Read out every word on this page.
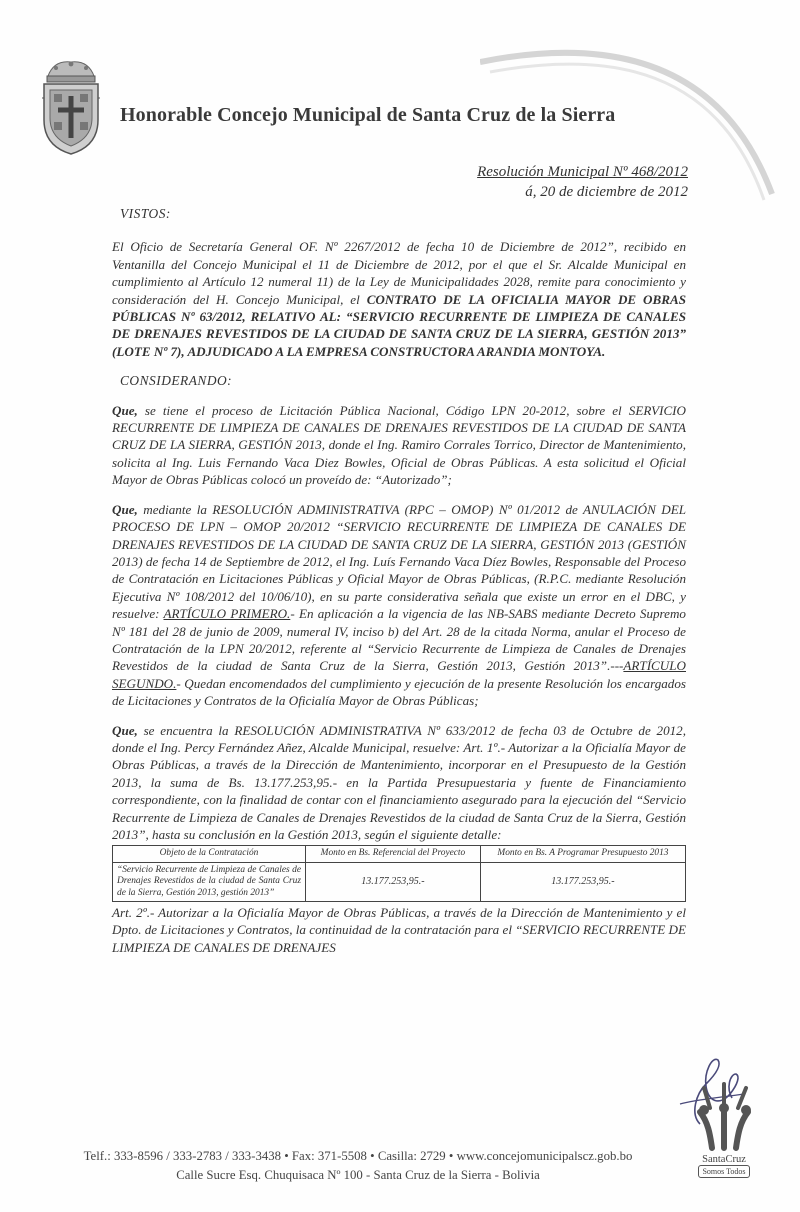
Honorable Concejo Municipal de Santa Cruz de la Sierra
Resolución Municipal Nº 468/2012
á, 20 de diciembre de 2012
VISTOS:

El Oficio de Secretaría General OF. Nº 2267/2012 de fecha 10 de Diciembre de 2012”, recibido en Ventanilla del Concejo Municipal el 11 de Diciembre de 2012, por el que el Sr. Alcalde Municipal en cumplimiento al Artículo 12 numeral 11) de la Ley de Municipalidades 2028, remite para conocimiento y consideración del H. Concejo Municipal, el CONTRATO DE LA OFICIALIA MAYOR DE OBRAS PÚBLICAS Nº 63/2012, RELATIVO AL: “SERVICIO RECURRENTE DE LIMPIEZA DE CANALES DE DRENAJES REVESTIDOS DE LA CIUDAD DE SANTA CRUZ DE LA SIERRA, GESTIÓN 2013” (LOTE Nº 7), ADJUDICADO A LA EMPRESA CONSTRUCTORA ARANDIA MONTOYA.

CONSIDERANDO:

Que, se tiene el proceso de Licitación Pública Nacional, Código LPN 20-2012, sobre el SERVICIO RECURRENTE DE LIMPIEZA DE CANALES DE DRENAJES REVESTIDOS DE LA CIUDAD DE SANTA CRUZ DE LA SIERRA, GESTIÓN 2013, donde el Ing. Ramiro Corrales Torrico, Director de Mantenimiento, solicita al Ing. Luis Fernando Vaca Diez Bowles, Oficial de Obras Públicas. A esta solicitud el Oficial Mayor de Obras Públicas colocó un proveído de: “Autorizado”;

Que, mediante la RESOLUCIÓN ADMINISTRATIVA (RPC – OMOP) Nº 01/2012 de ANULACIÓN DEL PROCESO DE LPN – OMOP 20/2012 “SERVICIO RECURRENTE DE LIMPIEZA DE CANALES DE DRENAJES REVESTIDOS DE LA CIUDAD DE SANTA CRUZ DE LA SIERRA, GESTIÓN 2013 (GESTIÓN 2013) de fecha 14 de Septiembre de 2012, el Ing. Luís Fernando Vaca Díez Bowles, Responsable del Proceso de Contratación en Licitaciones Públicas y Oficial Mayor de Obras Públicas, (R.P.C. mediante Resolución Ejecutiva Nº 108/2012 del 10/06/10), en su parte considerativa señala que existe un error en el DBC, y resuelve: ARTÍCULO PRIMERO.- En aplicación a la vigencia de las NB-SABS mediante Decreto Supremo Nº 181 del 28 de junio de 2009, numeral IV, inciso b) del Art. 28 de la citada Norma, anular el Proceso de Contratación de la LPN 20/2012, referente al “Servicio Recurrente de Limpieza de Canales de Drenajes Revestidos de la ciudad de Santa Cruz de la Sierra, Gestión 2013, Gestión 2013”.---ARTÍCULO SEGUNDO.- Quedan encomendados del cumplimiento y ejecución de la presente Resolución los encargados de Licitaciones y Contratos de la Oficialía Mayor de Obras Públicas;

Que, se encuentra la RESOLUCIÓN ADMINISTRATIVA Nº 633/2012 de fecha 03 de Octubre de 2012, donde el Ing. Percy Fernández Añez, Alcalde Municipal, resuelve: Art. 1º.- Autorizar a la Oficialía Mayor de Obras Públicas, a través de la Dirección de Mantenimiento, incorporar en el Presupuesto de la Gestión 2013, la suma de Bs. 13.177.253,95.- en la Partida Presupuestaria y fuente de Financiamiento correspondiente, con la finalidad de contar con el financiamiento asegurado para la ejecución del “Servicio Recurrente de Limpieza de Canales de Drenajes Revestidos de la ciudad de Santa Cruz de la Sierra, Gestión 2013”, hasta su conclusión en la Gestión 2013, según el siguiente detalle:

Objeto de la Contratación	Monto en Bs. Referencial del Proyecto	Monto en Bs. A Programar Presupuesto 2013
“Servicio Recurrente de Limpieza de Canales de Drenajes Revestidos de la ciudad de Santa Cruz de la Sierra, Gestión 2013, gestión 2013”	13.177.253,95.-	13.177.253,95.-

Art. 2º.- Autorizar a la Oficialía Mayor de Obras Públicas, a través de la Dirección de Mantenimiento y el Dpto. de Licitaciones y Contratos, la continuidad de la contratación para el “SERVICIO RECURRENTE DE LIMPIEZA DE CANALES DE DRENAJES

SantaCruz
Somos Todos
Telf.: 333-8596 / 333-2783 / 333-3438 • Fax: 371-5508 • Casilla: 2729 • www.concejomunicipalscz.gob.bo
Calle Sucre Esq. Chuquisaca Nº 100 - Santa Cruz de la Sierra - Bolivia
